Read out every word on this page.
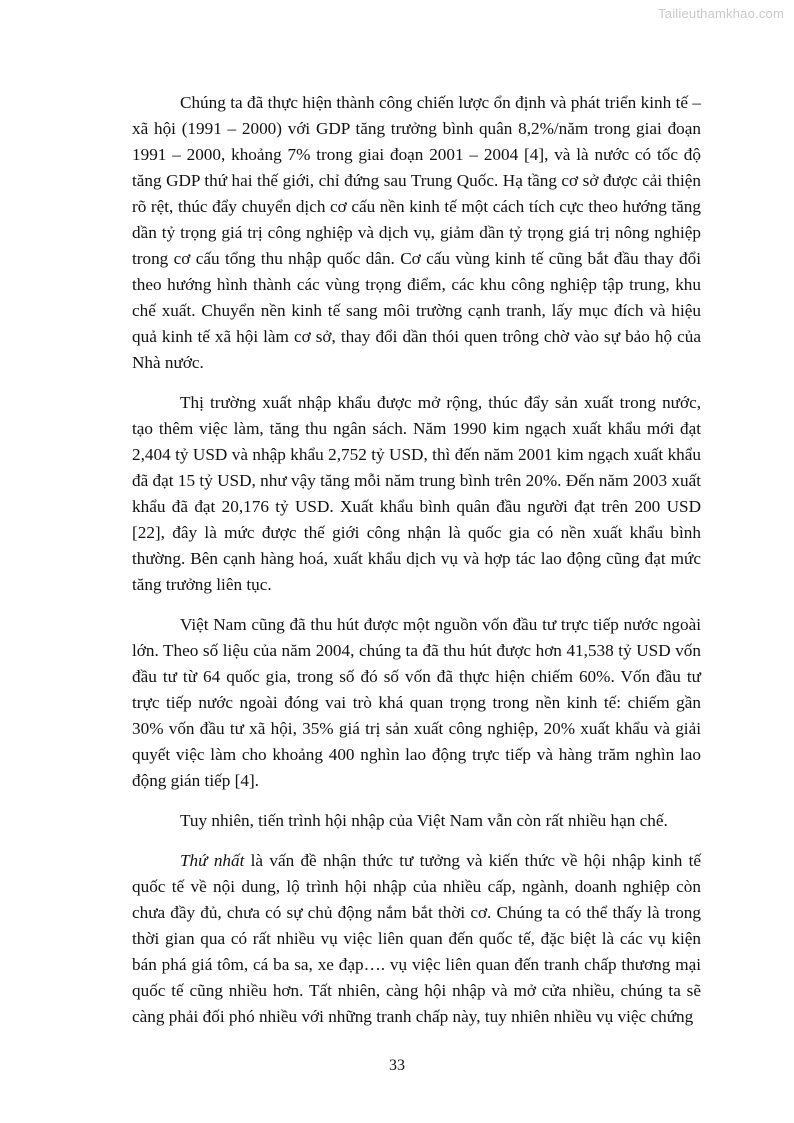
Tailieuthamkhao.com

Chúng ta đã thực hiện thành công chiến lược ổn định và phát triển kinh tế – xã hội (1991 – 2000) với GDP tăng trưởng bình quân 8,2%/năm trong giai đoạn 1991 – 2000, khoảng 7% trong giai đoạn 2001 – 2004 [4], và là nước có tốc độ tăng GDP thứ hai thế giới, chỉ đứng sau Trung Quốc. Hạ tầng cơ sở được cải thiện rõ rệt, thúc đẩy chuyển dịch cơ cấu nền kinh tế một cách tích cực theo hướng tăng dần tỷ trọng giá trị công nghiệp và dịch vụ, giảm dần tỷ trọng giá trị nông nghiệp trong cơ cấu tổng thu nhập quốc dân. Cơ cấu vùng kinh tế cũng bắt đầu thay đổi theo hướng hình thành các vùng trọng điểm, các khu công nghiệp tập trung, khu chế xuất. Chuyển nền kinh tế sang môi trường cạnh tranh, lấy mục đích và hiệu quả kinh tế xã hội làm cơ sở, thay đổi dần thói quen trông chờ vào sự bảo hộ của Nhà nước.

Thị trường xuất nhập khẩu được mở rộng, thúc đẩy sản xuất trong nước, tạo thêm việc làm, tăng thu ngân sách. Năm 1990 kim ngạch xuất khẩu mới đạt 2,404 tỷ USD và nhập khẩu 2,752 tỷ USD, thì đến năm 2001 kim ngạch xuất khẩu đã đạt 15 tỷ USD, như vậy tăng mỗi năm trung bình trên 20%. Đến năm 2003 xuất khẩu đã đạt 20,176 tỷ USD. Xuất khẩu bình quân đầu người đạt trên 200 USD [22], đây là mức được thế giới công nhận là quốc gia có nền xuất khẩu bình thường. Bên cạnh hàng hoá, xuất khẩu dịch vụ và hợp tác lao động cũng đạt mức tăng trưởng liên tục.

Việt Nam cũng đã thu hút được một nguồn vốn đầu tư trực tiếp nước ngoài lớn. Theo số liệu của năm 2004, chúng ta đã thu hút được hơn 41,538 tỷ USD vốn đầu tư từ 64 quốc gia, trong số đó số vốn đã thực hiện chiếm 60%. Vốn đầu tư trực tiếp nước ngoài đóng vai trò khá quan trọng trong nền kinh tế: chiếm gần 30% vốn đầu tư xã hội, 35% giá trị sản xuất công nghiệp, 20% xuất khẩu và giải quyết việc làm cho khoảng 400 nghìn lao động trực tiếp và hàng trăm nghìn lao động gián tiếp [4].

Tuy nhiên, tiến trình hội nhập của Việt Nam vẫn còn rất nhiều hạn chế.

Thứ nhất là vấn đề nhận thức tư tưởng và kiến thức về hội nhập kinh tế quốc tế về nội dung, lộ trình hội nhập của nhiều cấp, ngành, doanh nghiệp còn chưa đầy đủ, chưa có sự chủ động nắm bắt thời cơ. Chúng ta có thể thấy là trong thời gian qua có rất nhiều vụ việc liên quan đến quốc tế, đặc biệt là các vụ kiện bán phá giá tôm, cá ba sa, xe đạp…. vụ việc liên quan đến tranh chấp thương mại quốc tế cũng nhiều hơn. Tất nhiên, càng hội nhập và mở cửa nhiều, chúng ta sẽ càng phải đối phó nhiều với những tranh chấp này, tuy nhiên nhiều vụ việc chứng

33
